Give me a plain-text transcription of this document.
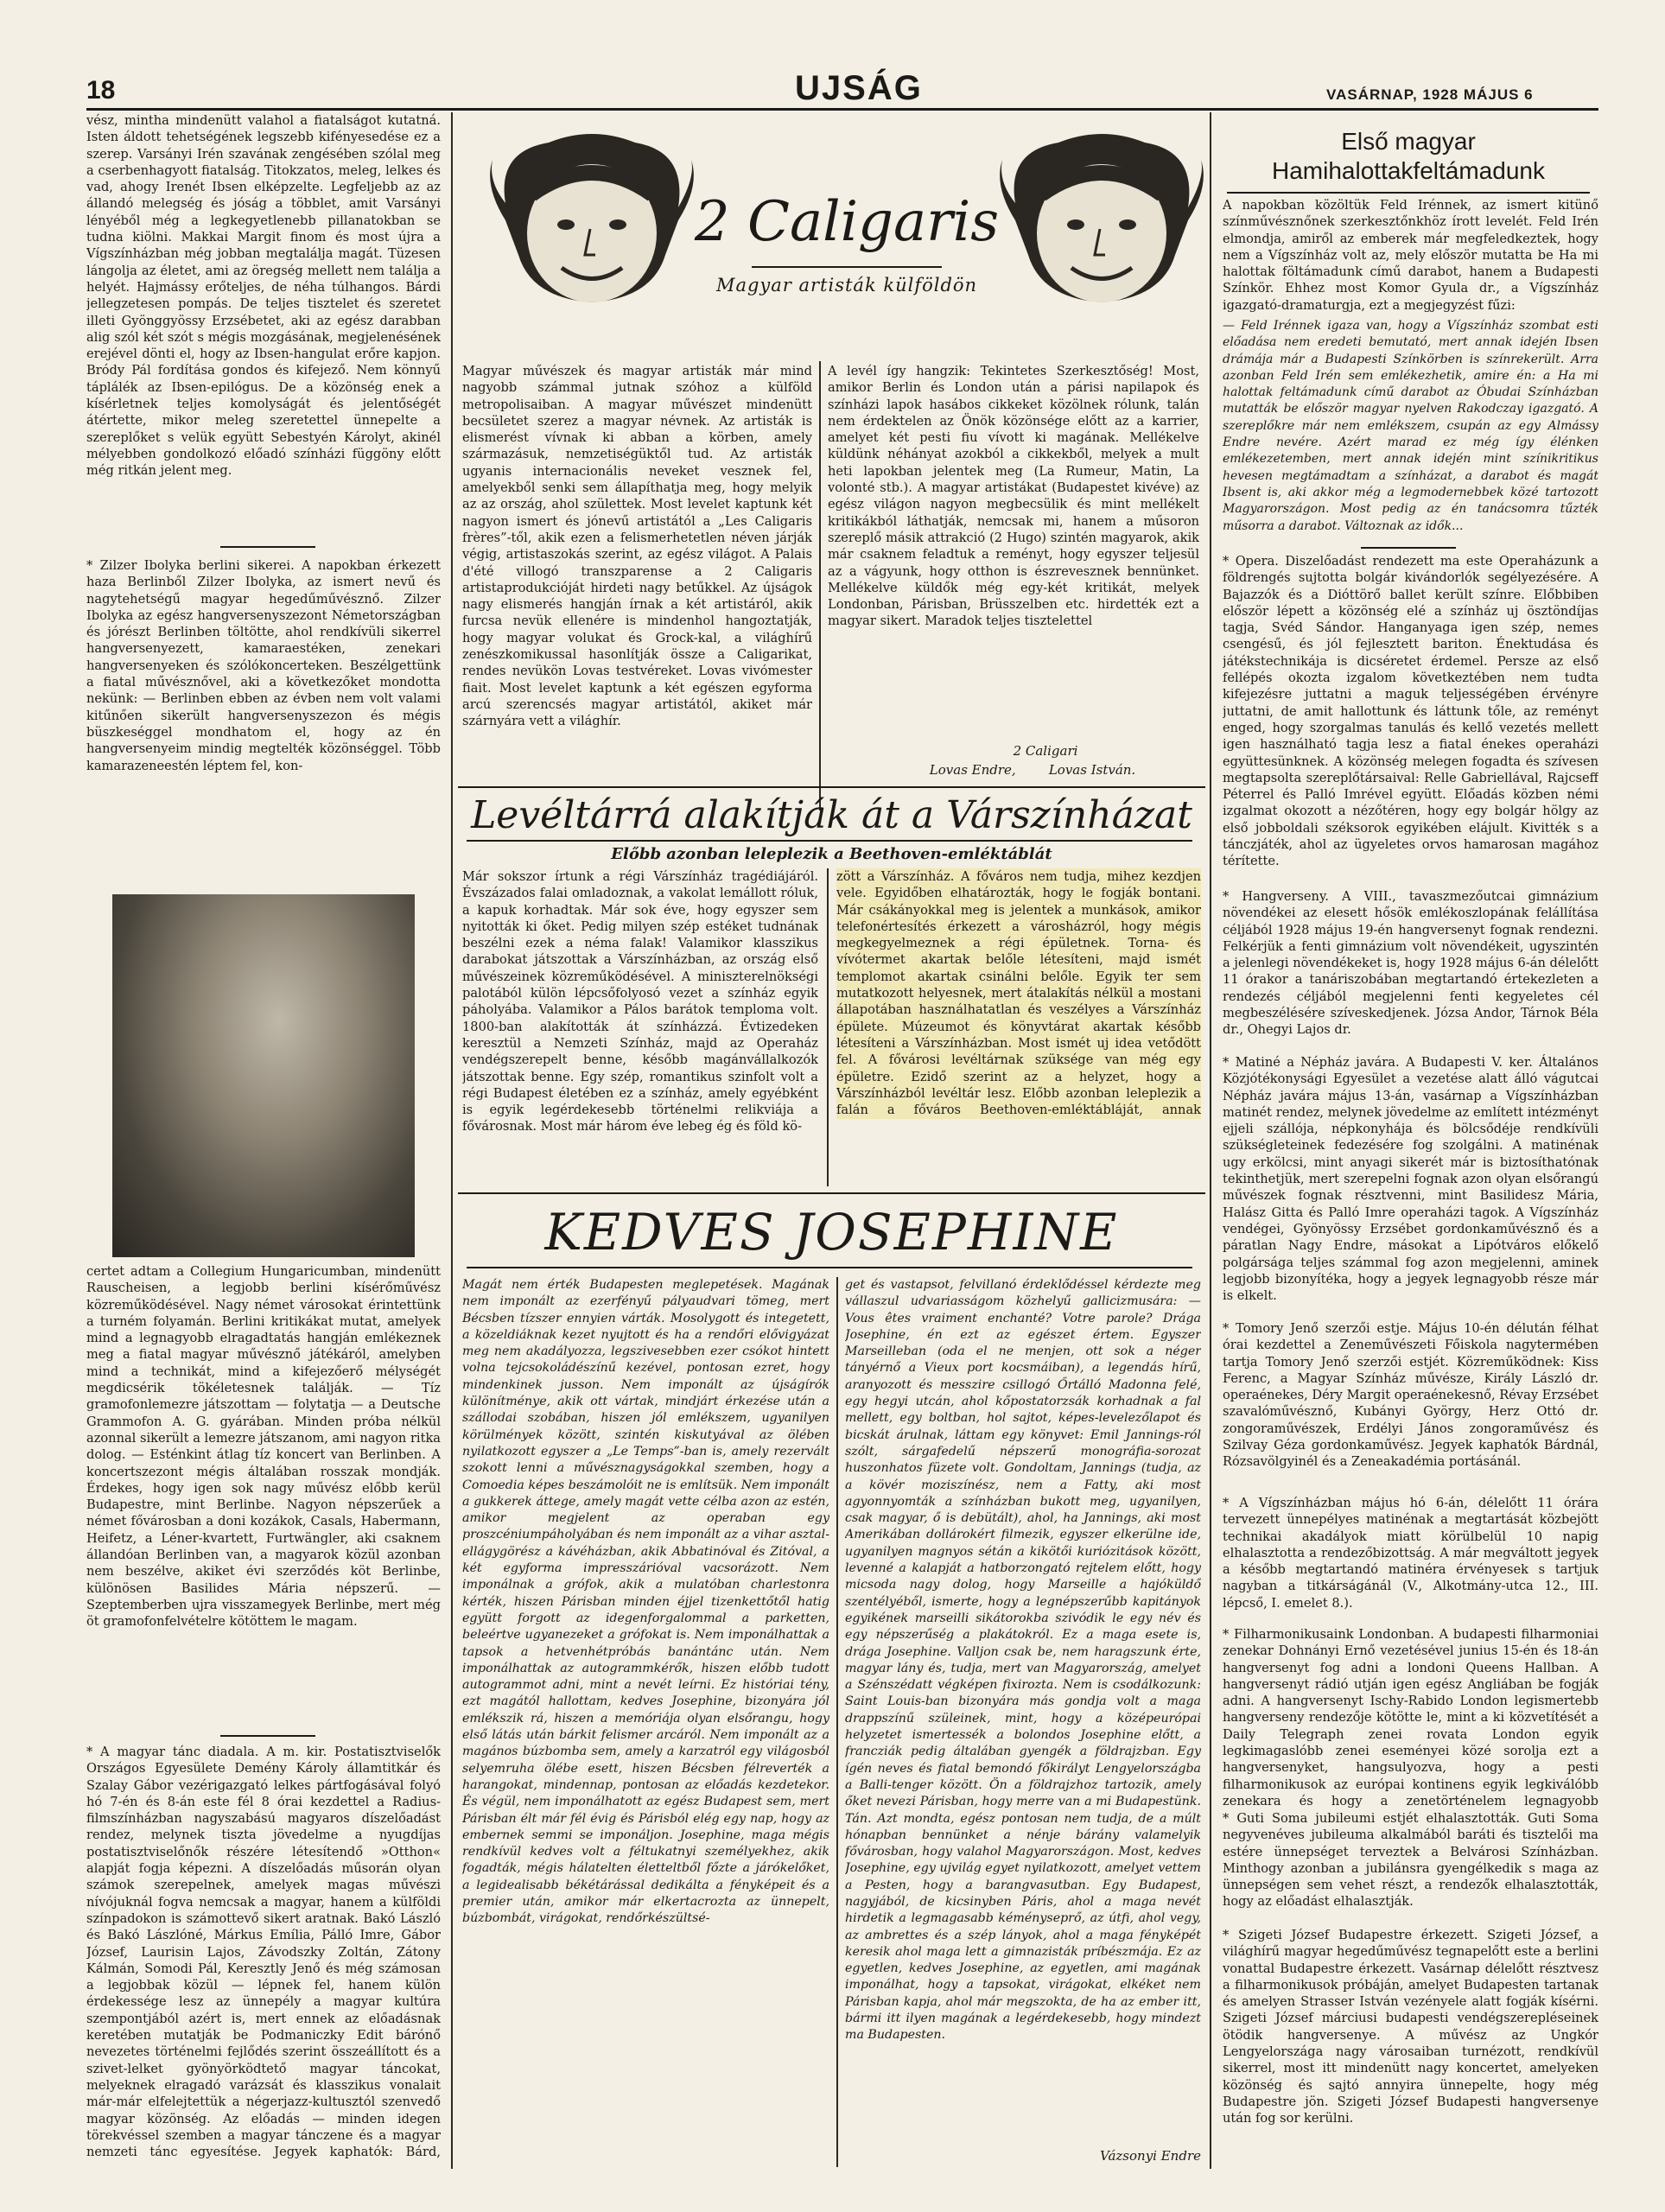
18	UJSÁG	VASÁRNAP, 1928 MÁJUS 6
vész, mintha mindenütt valahol a fiatalságot kutatná. Isten áldott tehetségének legszebb kifényesedése ez a szerep. Varsányi Irén szavának zengésében szólal meg a cserbenhagyott fiatalság. Titokzatos, meleg, lelkes és vad, ahogy Irenét Ibsen elképzelte. Legfeljebb az az állandó melegség és jóság a többlet, amit Varsányi lényéből még a legkegyetlenebb pillanatokban se tudna kiölni. Makkai Margit finom és most újra a Vígszínházban még jobban megtalálja magát. Tüzesen lángolja az életet, ami az öregség mellett nem találja a helyét. Hajmássy erőteljes, de néha túlhangos. Bárdi jellegzetesen pompás. De teljes tisztelet és szeretet illeti Gyönggyössy Erzsébetet, aki az egész darabban alig szól két szót s mégis mozgásának, megjelenésének erejével dönti el, hogy az Ibsen-hangulat erőre kapjon. Bródy Pál fordítása gondos és kifejező. Nem könnyű táplálék az Ibsen-epilógus. De a közönség enek a kísérletnek teljes komolyságát és jelentőségét átértette, mikor meleg szeretettel ünnepelte a szereplőket s velük együtt Sebestyén Károlyt, akinél mélyebben gondolkozó előadó színházi függöny előtt még ritkán jelent meg.
* Zilzer Ibolyka berlini sikerei. A napokban érkezett haza Berlinből Zilzer Ibolyka, az ismert nevű és nagytehetségű magyar hegedűművésznő. Zilzer Ibolyka az egész hangversenyszezont Németországban és jórészt Berlinben töltötte, ahol rendkívüli sikerrel hangversenyezett, kamaraestéken, zenekari hangversenyeken és szólókoncerteken. Beszélgettünk a fiatal művésznővel, aki a következőket mondotta nekünk: — Berlinben ebben az évben nem volt valami kitűnően sikerült hangversenyszezon és mégis büszkeséggel mondhatom el, hogy az én hangversenyeim mindig megtelték közönséggel. Több kamarazeneestén léptem fel, kon-
certet adtam a Collegium Hungaricumban, mindenütt Rauscheisen, a legjobb berlini kísérőművész közreműködésével. Nagy német városokat érintettünk a turném folyamán. Berlini kritikákat mutat, amelyek mind a legnagyobb elragadtatás hangján emlékeznek meg a fiatal magyar művésznő játékáról, amelyben mind a technikát, mind a kifejezőerő mélységét megdicsérik tökéletesnek találják. — Tíz gramofonlemezre játszottam — folytatja — a Deutsche Grammofon A. G. gyárában. Minden próba nélkül azonnal sikerült a lemezre játszanom, ami nagyon ritka dolog. — Esténkint átlag tíz koncert van Berlinben. A koncertszezont mégis általában rosszak mondják. Érdekes, hogy igen sok nagy művész előbb kerül Budapestre, mint Berlinbe. Nagyon népszerűek a német fővárosban a doni kozákok, Casals, Habermann, Heifetz, a Léner-kvartett, Furtwängler, aki csaknem állandóan Berlinben van, a magyarok közül azonban nem beszélve, akiket évi szerződés köt Berlinbe, különösen Basilides Mária népszerű. — Szeptemberben ujra visszamegyek Berlinbe, mert még öt gramofonfelvételre kötöttem le magam.
* A magyar tánc diadala. A m. kir. Postatisztviselők Országos Egyesülete Demény Károly államtitkár és Szalay Gábor vezérigazgató lelkes pártfogásával folyó hó 7-én és 8-án este fél 8 órai kezdettel a Radius-filmszínházban nagyszabású magyaros díszelőadást rendez, melynek tiszta jövedelme a nyugdíjas postatisztviselőnők részére létesítendő »Otthon« alapját fogja képezni. A díszelőadás műsorán olyan számok szerepelnek, amelyek magas művészi nívójuknál fogva nemcsak a magyar, hanem a külföldi színpadokon is számottevő sikert aratnak. Bakó László és Bakó Lászlóné, Márkus Emília, Pálló Imre, Gábor József, Laurisin Lajos, Závodszky Zoltán, Zátony Kálmán, Somodi Pál, Keresztly Jenő és még számosan a legjobbak közül — lépnek fel, hanem külön érdekessége lesz az ünnepély a magyar kultúra szempontjából azért is, mert ennek az előadásnak keretében mutatják be Podmaniczky Edit bárónő nevezetes történelmi fejlődés szerint összeállított és a szivet-lelket gyönyörködtető magyar táncokat, melyeknek elragadó varázsát és klasszikus vonalait már-már elfelejtettük a négerjazz-kultusztól szenvedő magyar közönség. Az előadás — minden idegen törekvéssel szemben a magyar tánczene és a magyar nemzeti tánc egyesítése. Jegyek kaphatók: Bárd,
2 Caligaris
Magyar artisták külföldön
Magyar művészek és magyar artisták már mind nagyobb számmal jutnak szóhoz a külföld metropolisaiban. A magyar művészet mindenütt becsületet szerez a magyar névnek. Az artisták is elismerést vívnak ki abban a körben, amely származásuk, nemzetiségüktől tud. Az artisták ugyanis internacionális neveket vesznek fel, amelyekből senki sem állapíthatja meg, hogy melyik az az ország, ahol születtek. Most levelet kaptunk két nagyon ismert és jónevű artistától a „Les Caligaris frères”-től, akik ezen a felismerhetetlen néven járják végig, artistaszokás szerint, az egész világot. A Palais d'été villogó transzparense a 2 Caligaris artistaprodukcióját hirdeti nagy betűkkel. Az újságok nagy elismerés hangján írnak a két artistáról, akik furcsa nevük ellenére is mindenhol hangoztatják, hogy magyar volukat és Grock-kal, a világhírű zenészkomikussal hasonlítják össze a Caligarikat, rendes nevükön Lovas testvéreket. Lovas vivómester fiait. Most levelet kaptunk a két egészen egyforma arcú szerencsés magyar artistától, akiket már szárnyára vett a világhír.
A levél így hangzik: Tekintetes Szerkesztőség! Most, amikor Berlin és London után a párisi napilapok és színházi lapok hasábos cikkeket közölnek rólunk, talán nem érdektelen az Önök közönsége előtt az a karrier, amelyet két pesti fiu vívott ki magának. Mellékelve küldünk néhányat azokból a cikkekből, melyek a mult heti lapokban jelentek meg (La Rumeur, Matin, La volonté stb.). A magyar artistákat (Budapestet kivéve) az egész világon nagyon megbecsülik és mint mellékelt kritikákból láthatják, nemcsak mi, hanem a műsoron szereplő másik attrakció (2 Hugo) szintén magyarok, akik már csaknem feladtuk a reményt, hogy egyszer teljesül az a vágyunk, hogy otthon is észrevesznek bennünket. Mellékelve küldők még egy-két kritikát, melyek Londonban, Párisban, Brüsszelben etc. hirdették ezt a magyar sikert. Maradok teljes tisztelettel
2 Caligari
Lovas Endre,        Lovas István.
Levéltárrá alakítják át a Várszínházat
Előbb azonban leleplezik a Beethoven-emléktáblát
Már sokszor írtunk a régi Várszínház tragédiájáról. Évszázados falai omladoznak, a vakolat lemállott róluk, a kapuk korhadtak. Már sok éve, hogy egyszer sem nyitották ki őket. Pedig milyen szép estéket tudnának beszélni ezek a néma falak! Valamikor klasszikus darabokat játszottak a Várszínházban, az ország első művészeinek közreműködésével. A miniszterelnökségi palotából külön lépcsőfolyosó vezet a színház egyik páholyába. Valamikor a Pálos barátok temploma volt. 1800-ban alakították át színházzá. Évtizedeken keresztül a Nemzeti Színház, majd az Operaház vendégszerepelt benne, később magánvállalkozók játszottak benne. Egy szép, romantikus szinfolt volt a régi Budapest életében ez a színház, amely egyébként is egyik legérdekesebb történelmi relikviája a fővárosnak. Most már három éve lebeg ég és föld kö-
zött a Várszínház. A főváros nem tudja, mihez kezdjen vele. Egyidőben elhatározták, hogy le fogják bontani. Már csákányokkal meg is jelentek a munkások, amikor telefonértesítés érkezett a városházról, hogy mégis megkegyelmeznek a régi épületnek. Torna- és vívótermet akartak belőle létesíteni, majd ismét templomot akartak csinálni belőle. Egyik ter sem mutatkozott helyesnek, mert átalakítás nélkül a mostani állapotában használhatatlan és veszélyes a Várszínház épülete. Múzeumot és könyvtárat akartak később létesíteni a Várszínházban. Most ismét uj idea vetődött fel. A fővárosi levéltárnak szüksége van még egy épületre. Ezidő szerint az a helyzet, hogy a Várszínházból levéltár lesz. Előbb azonban leleplezik a falán a főváros Beethoven-emléktábláját, annak
KEDVES JOSEPHINE
Magát nem érték Budapesten meglepetések. Magának nem imponált az ezerfényű pályaudvari tömeg, mert Bécsben tízszer ennyien várták. Mosolygott és integetett, a közeldiáknak kezet nyujtott és ha a rendőri elővigyázat meg nem akadályozza, legszivesebben ezer csókot hintett volna tejcsokoládészínű kezével, pontosan ezret, hogy mindenkinek jusson. Nem imponált az újságírók különítménye, akik ott vártak, mindjárt érkezése után a szállodai szobában, hiszen jól emlékszem, ugyanilyen körülmények között, szintén kiskutyával az ölében nyilatkozott egyszer a „Le Temps”-ban is, amely rezervált szokott lenni a művésznagyságokkal szemben, hogy a Comoedia képes beszámolóit ne is említsük. Nem imponált a gukkerek áttege, amely magát vette célba azon az estén, amikor megjelent az operaban egy proszcéniumpáholyában és nem imponált az a vihar asztal-ellágygörész a kávéházban, akik Abbatinóval és Zitóval, a két egyforma impresszárióval vacsorázott. Nem imponálnak a grófok, akik a mulatóban charlestonra kérték, hiszen Párisban minden éjjel tizenkettőtől hatig együtt forgott az idegenforgalommal a parketten, beleértve ugyanezeket a grófokat is. Nem imponálhattak a tapsok a hetvenhétpróbás banántánc után. Nem imponálhattak az autogrammkérők, hiszen előbb tudott autogrammot adni, mint a nevét leírni. Ez históriai tény, ezt magától hallottam, kedves Josephine, bizonyára jól emlékszik rá, hiszen a memóriája olyan elsőrangu, hogy első látás után bárkit felismer arcáról. Nem imponált az a magános búzbomba sem, amely a karzatról egy világosból selyemruha ölébe esett, hiszen Bécsben félreverték a harangokat, mindennap, pontosan az előadás kezdetekor. És végül, nem imponálhatott az egész Budapest sem, mert Párisban élt már fél évig és Párisból elég egy nap, hogy az embernek semmi se imponáljon. Josephine, maga mégis rendkívül kedves volt a féltukatnyi személyekhez, akik fogadták, mégis hálatelten életteltből főzte a járókelőket, a legidealisabb békétárással dedikálta a fényképeit és a premier után, amikor már elkertacrozta az ünnepelt, búzbombát, virágokat, rendőrkészültsé-
get és vastapsot, felvillanó érdeklődéssel kérdezte meg vállaszul udvariasságom közhelyű gallicizmusára: — Vous êtes vraiment enchanté? Votre parole? Drága Josephine, én ezt az egészet értem. Egyszer Marseilleban (oda el ne menjen, ott sok a néger tányérnő a Vieux port kocsmáiban), a legendás hírű, aranyozott és messzire csillogó Őrtálló Madonna felé, egy hegyi utcán, ahol kőpostatorzsák korhadnak a fal mellett, egy boltban, hol sajtot, képes-levelezőlapot és bicskát árulnak, láttam egy könyvet: Emil Jannings-ról szólt, sárgafedelű népszerű monográfia-sorozat huszonhatos füzete volt. Gondoltam, Jannings (tudja, az a kövér moziszínész, nem a Fatty, aki most agyonnyomták a színházban bukott meg, ugyanilyen, csak magyar, ő is debütált), ahol, ha Jannings, aki most Amerikában dollárokért filmezik, egyszer elkerülne ide, ugyanilyen magnyos sétán a kikötői kuriózitások között, levenné a kalapját a hatborzongató rejtelem előtt, hogy micsoda nagy dolog, hogy Marseille a hajóküldő szentélyéből, ismerte, hogy a legnépszerűbb kapitányok egyikének marseilli sikátorokba szivódik le egy név és egy népszerűség a plakátokról. Ez a maga esete is, drága Josephine. Valljon csak be, nem haragszunk érte, magyar lány és, tudja, mert van Magyarország, amelyet a Szénszédatt végképen fixirozta. Nem is csodálkozunk: Saint Louis-ban bizonyára más gondja volt a maga drappszínű szüleinek, mint, hogy a középeurópai helyzetet ismertessék a bolondos Josephine előtt, a francziák pedig általában gyengék a földrajzban. Egy ígén neves és fiatal bemondó főkirályt Lengyelországba a Balli-tenger között. Ön a földrajzhoz tartozik, amely őket nevezi Párisban, hogy merre van a mi Budapestünk. Tán. Azt mondta, egész pontosan nem tudja, de a múlt hónapban bennünket a nénje bárány valamelyik fővárosban, hogy valahol Magyarországon. Most, kedves Josephine, egy ujvilág egyet nyilatkozott, amelyet vettem a Pesten, hogy a barangvasutban. Egy Budapest, nagyjából, de kicsinyben Páris, ahol a maga nevét hirdetik a legmagasabb kéményseprő, az útfi, ahol vegy, az ambrettes és a szép lányok, ahol a maga fényképét keresik ahol maga lett a gimnazisták príbészmája. Ez az egyetlen, kedves Josephine, az egyetlen, ami magának imponálhat, hogy a tapsokat, virágokat, elkéket nem Párisban kapja, ahol már megszokta, de ha az ember itt, bármi itt ilyen magának a legérdekesebb, hogy mindezt ma Budapesten.
Vázsonyi Endre
Első magyar
Hamihalottakfeltámadunk
A napokban közöltük Feld Irénnek, az ismert kitünő színművésznőnek szerkesztőnkhöz írott levelét. Feld Irén elmondja, amiről az emberek már megfeledkeztek, hogy nem a Vígszínház volt az, mely először mutatta be Ha mi halottak föltámadunk című darabot, hanem a Budapesti Színkör. Ehhez most Komor Gyula dr., a Vígszínház igazgató-dramaturgja, ezt a megjegyzést fűzi:
— Feld Irénnek igaza van, hogy a Vígszínház szombat esti előadása nem eredeti bemutató, mert annak idején Ibsen drámája már a Budapesti Színkörben is színrekerült. Arra azonban Feld Irén sem emlékezhetik, amire én: a Ha mi halottak feltámadunk című darabot az Óbudai Színházban mutatták be először magyar nyelven Rakodczay igazgató. A szereplőkre már nem emlékszem, csupán az egy Almássy Endre nevére. Azért marad ez még így élénken emlékezetemben, mert annak idején mint színikritikus hevesen megtámadtam a színházat, a darabot és magát Ibsent is, aki akkor még a legmodernebbek közé tartozott Magyarországon. Most pedig az én tanácsomra tűzték műsorra a darabot. Változnak az idők...
* Opera. Diszelőadást rendezett ma este Operaházunk a földrengés sujtotta bolgár kivándorlók segélyezésére. A Bajazzók és a Dióttörő ballet került színre. Előbbiben először lépett a közönség elé a színház uj ösztöndíjas tagja, Svéd Sándor. Hanganyaga igen szép, nemes csengésű, és jól fejlesztett bariton. Énektudása és játékstechnikája is dicséretet érdemel. Persze az első fellépés okozta izgalom következtében nem tudta kifejezésre juttatni a maguk teljességében érvényre juttatni, de amit hallottunk és láttunk tőle, az reményt enged, hogy szorgalmas tanulás és kellő vezetés mellett igen használható tagja lesz a fiatal énekes operaházi együttesünknek. A közönség melegen fogadta és szívesen megtapsolta szereplőtársaival: Relle Gabriellával, Rajcseff Péterrel és Palló Imrével együtt. Előadás közben némi izgalmat okozott a nézőtéren, hogy egy bolgár hölgy az első jobboldali széksorok egyikében elájult. Kivitték s a tánczjáték, ahol az ügyeletes orvos hamarosan magához térítette.
* Hangverseny. A VIII., tavaszmezőutcai gimnázium növendékei az elesett hősök emlékoszlopának felállítása céljából 1928 május 19-én hangversenyt fognak rendezni. Felkérjük a fenti gimnázium volt növendékeit, ugyszintén a jelenlegi növendékeket is, hogy 1928 május 6-án délelőtt 11 órakor a tanáriszobában megtartandó értekezleten a rendezés céljából megjelenni fenti kegyeletes cél megbeszélésére szíveskedjenek. Józsa Andor, Tárnok Béla dr., Ohegyi Lajos dr.
* Matiné a Népház javára. A Budapesti V. ker. Általános Közjótékonysági Egyesület a vezetése alatt álló vágutcai Népház javára május 13-án, vasárnap a Vígszínházban matinét rendez, melynek jövedelme az említett intézményt ejjeli szállója, népkonyhája és bölcsődéje rendkívüli szükségleteinek fedezésére fog szolgálni. A matinénak ugy erkölcsi, mint anyagi sikerét már is biztosíthatónak tekinthetjük, mert szerepelni fognak azon olyan elsőrangú művészek fognak résztvenni, mint Basilidesz Mária, Halász Gitta és Palló Imre operaházi tagok. A Vígszínház vendégei, Gyönyössy Erzsébet gordonkaművésznő és a páratlan Nagy Endre, másokat a Lipótváros előkelő polgársága teljes számmal fog azon megjelenni, aminek legjobb bizonyítéka, hogy a jegyek legnagyobb része már is elkelt.
* Tomory Jenő szerzői estje. Május 10-én délután félhat órai kezdettel a Zeneművészeti Főiskola nagytermében tartja Tomory Jenő szerzői estjét. Közreműködnek: Kiss Ferenc, a Magyar Színház művésze, Király László dr. operaénekes, Déry Margit operaénekesnő, Révay Erzsébet szavalóművésznő, Kubányi György, Herz Ottó dr. zongoraművészek, Erdélyi János zongoraművész és Szilvay Géza gordonkaművész. Jegyek kaphatók Bárdnál, Rózsavölgyinél és a Zeneakadémia portásánál.
* A Vígszínházban május hó 6-án, délelőtt 11 órára tervezett ünnepélyes matinénak a megtartását közbejött technikai akadályok miatt körülbelül 10 napig elhalasztotta a rendezőbizottság. A már megváltott jegyek a később megtartandó matinéra érvényesek s tartjuk nagyban a titkárságánál (V., Alkotmány-utca 12., III. lépcső, I. emelet 8.).
* Filharmonikusaink Londonban. A budapesti filharmoniai zenekar Dohnányi Ernő vezetésével junius 15-én és 18-án hangversenyt fog adni a londoni Queens Hallban. A hangversenyt rádió utján igen egész Angliában be fogják adni. A hangversenyt Ischy-Rabido London legismertebb hangverseny rendezője kötötte le, mint a ki közvetítését a Daily Telegraph zenei rovata London egyik legkimagaslóbb zenei eseményei közé sorolja ezt a hangversenyket, hangsulyozva, hogy a pesti filharmonikusok az európai kontinens egyik legkiválóbb zenekara és hogy a zenetörténelem legnagyobb
* Guti Soma jubileumi estjét elhalasztották. Guti Soma negyvenéves jubileuma alkalmából baráti és tisztelői ma estére ünnepséget terveztek a Belvárosi Színházban. Minthogy azonban a jubilánsra gyengélkedik s maga az ünnepségen sem vehet részt, a rendezők elhalasztották, hogy az előadást elhalasztják.
* Szigeti József Budapestre érkezett. Szigeti József, a világhírű magyar hegedűművész tegnapelőtt este a berlini vonattal Budapestre érkezett. Vasárnap délelőtt résztvesz a filharmonikusok próbáján, amelyet Budapesten tartanak és amelyen Strasser István vezényele alatt fogják kísérni. Szigeti József márciusi budapesti vendégszerepléseinek ötödik hangversenye. A művész az Ungkór Lengyelországa nagy városaiban turnézott, rendkívül sikerrel, most itt mindenütt nagy koncertet, amelyeken közönség és sajtó annyira ünnepelte, hogy még Budapestre jön. Szigeti József Budapesti hangversenye után fog sor kerülni.
